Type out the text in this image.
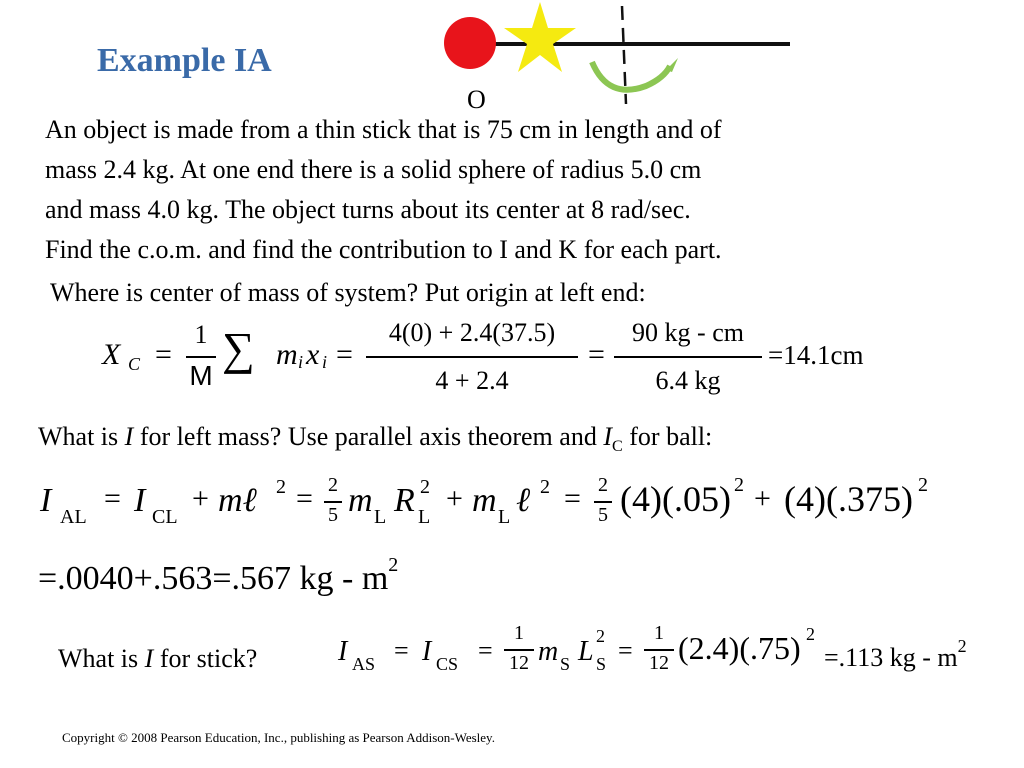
Example IA
O
An object is made from a thin stick that is 75 cm in length and of
mass 2.4 kg. At one end there is a solid sphere of radius 5.0 cm
and mass 4.0 kg. The object turns about its center at 8 rad/sec.
Find the c.o.m. and find the contribution to I and K for each part.
Where is center of mass of system? Put origin at left end:
X C =
1
M
∑ m i x i =
4(0) + 2.4(37.5)
4 + 2.4
=
90 kg - cm
6.4 kg
=14.1cm
What is I for left mass? Use parallel axis theorem and $I_C$ for ball:
I AL
= I CL
+ mℓ 2 = 2
5 m L R L
2 + m L ℓ 2 = 2
5 (4)(.05) 2 + (4)(.375) 2
=.0040+.563=.567 kg - $m^2$
What is I for stick?	I AS = I CS =
1
12 m S L S
2 =
1
12 (2.4)(.75) 2
=.113 kg - $m^2$
Copyright © 2008 Pearson Education, Inc., publishing as Pearson Addison-Wesley.
